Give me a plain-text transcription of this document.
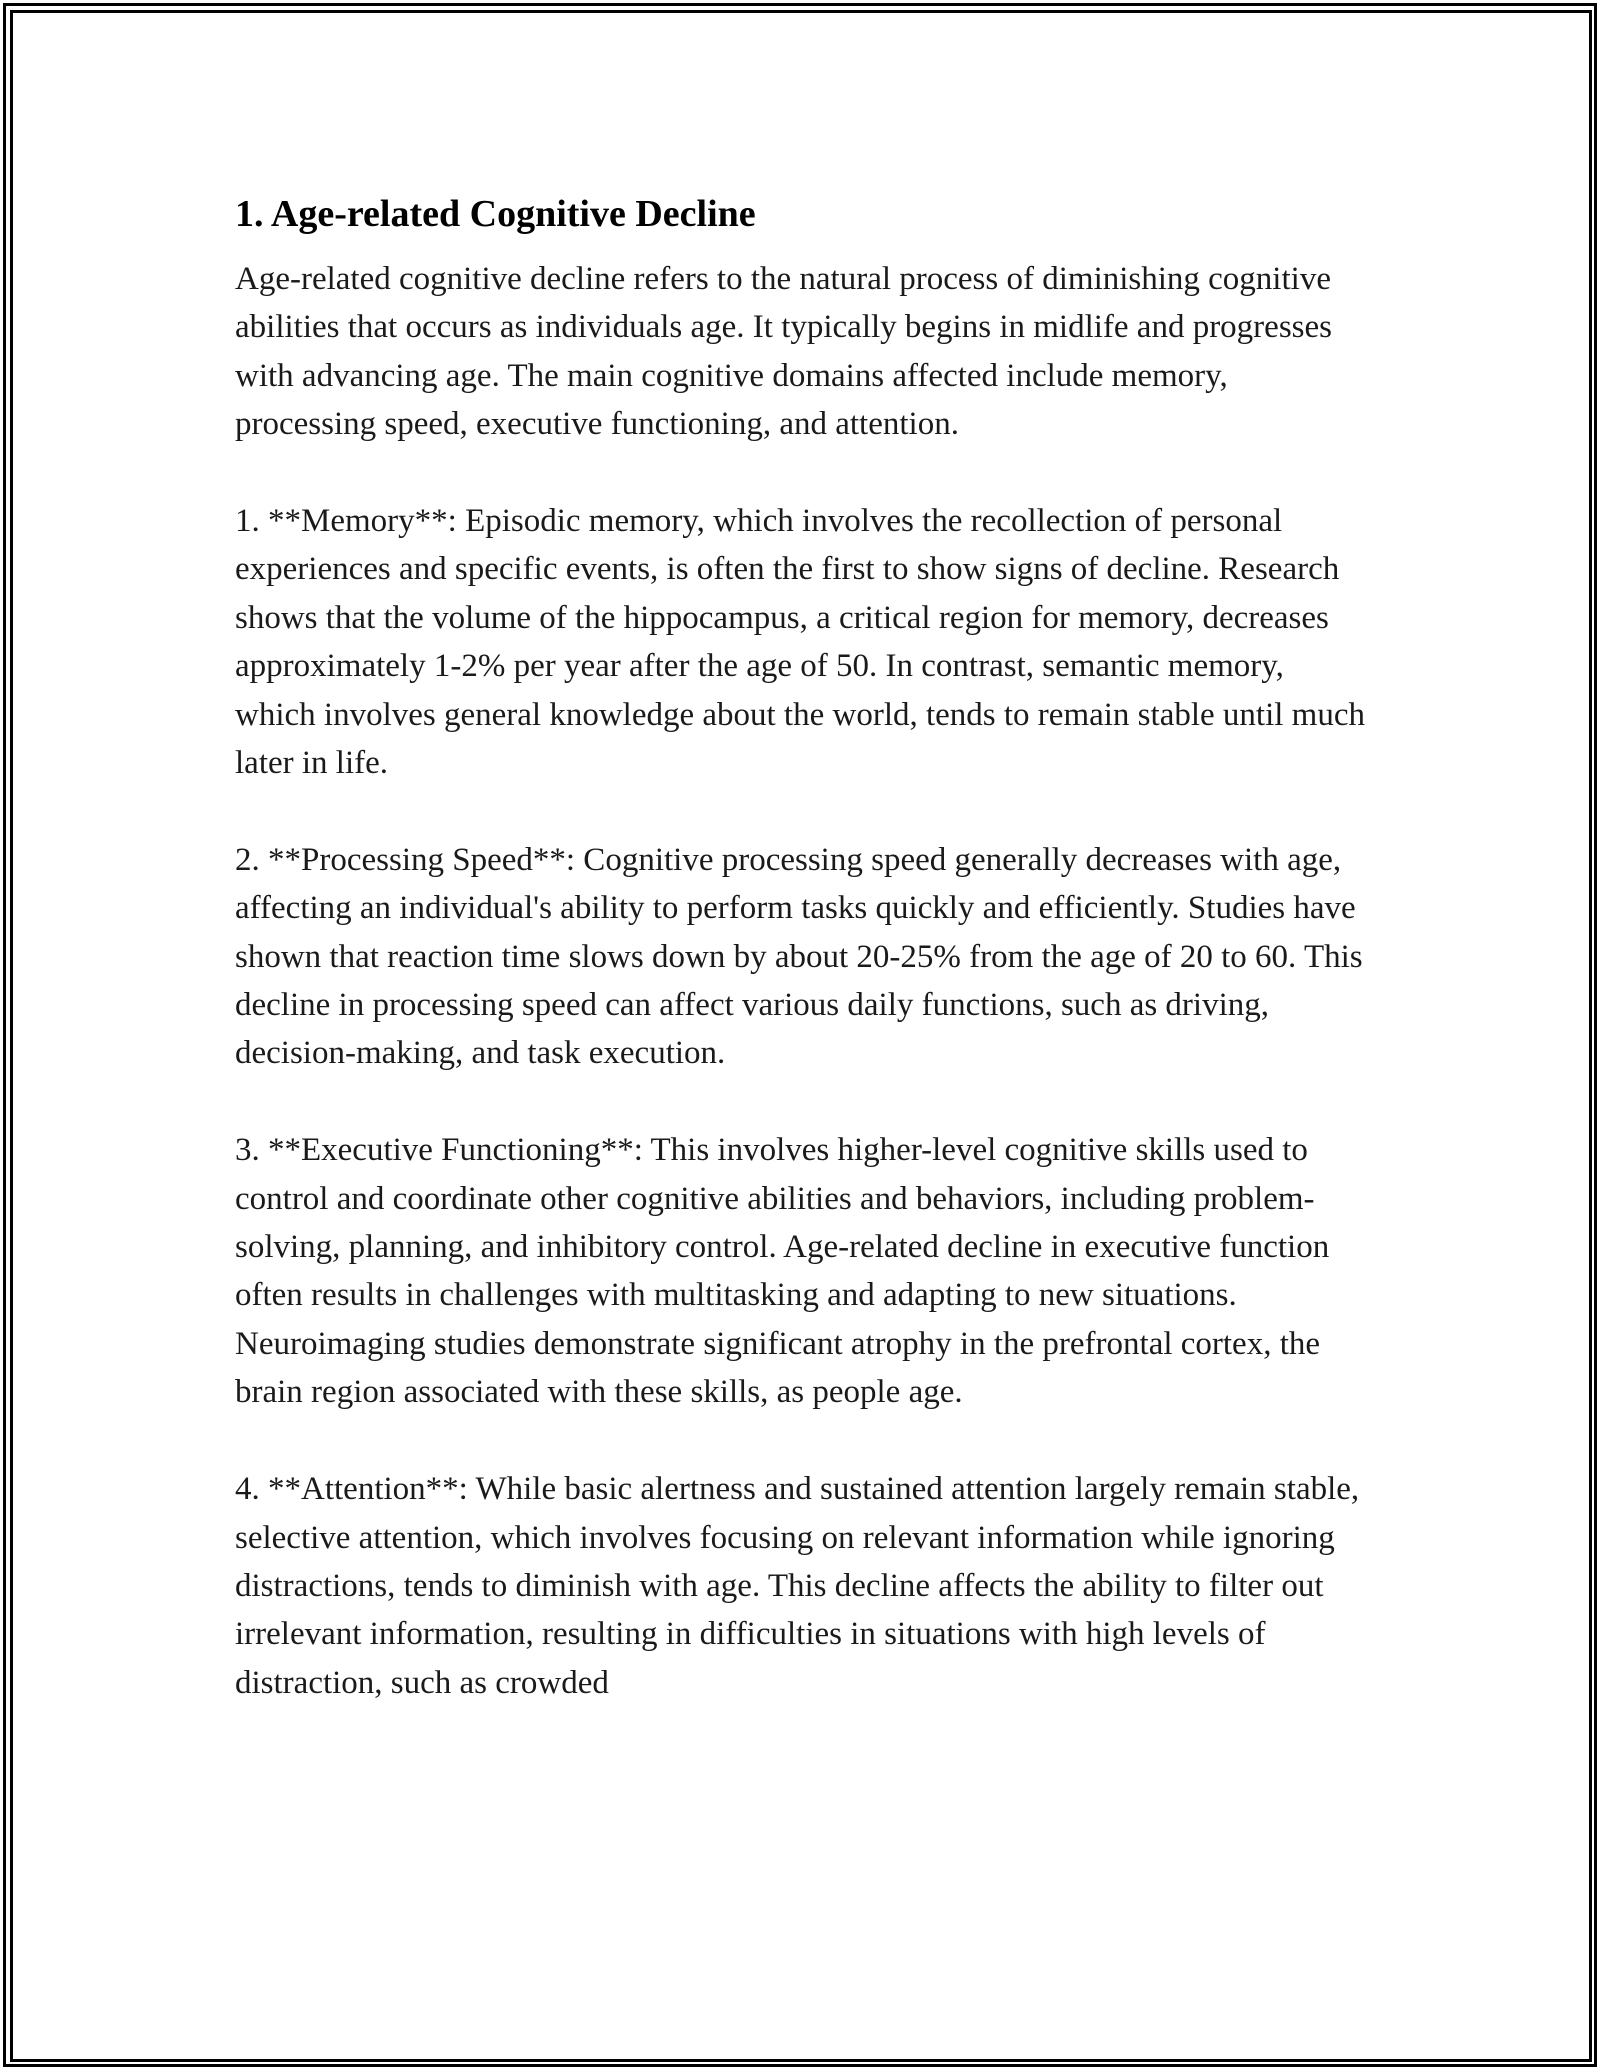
1. Age-related Cognitive Decline

Age-related cognitive decline refers to the natural process of diminishing cognitive abilities that occurs as individuals age. It typically begins in midlife and progresses with advancing age. The main cognitive domains affected include memory, processing speed, executive functioning, and attention.

1. **Memory**: Episodic memory, which involves the recollection of personal experiences and specific events, is often the first to show signs of decline. Research shows that the volume of the hippocampus, a critical region for memory, decreases approximately 1-2% per year after the age of 50. In contrast, semantic memory, which involves general knowledge about the world, tends to remain stable until much later in life.

2. **Processing Speed**: Cognitive processing speed generally decreases with age, affecting an individual's ability to perform tasks quickly and efficiently. Studies have shown that reaction time slows down by about 20-25% from the age of 20 to 60. This decline in processing speed can affect various daily functions, such as driving, decision-making, and task execution.

3. **Executive Functioning**: This involves higher-level cognitive skills used to control and coordinate other cognitive abilities and behaviors, including problem-solving, planning, and inhibitory control. Age-related decline in executive function often results in challenges with multitasking and adapting to new situations. Neuroimaging studies demonstrate significant atrophy in the prefrontal cortex, the brain region associated with these skills, as people age.

4. **Attention**: While basic alertness and sustained attention largely remain stable, selective attention, which involves focusing on relevant information while ignoring distractions, tends to diminish with age. This decline affects the ability to filter out irrelevant information, resulting in difficulties in situations with high levels of distraction, such as crowded
